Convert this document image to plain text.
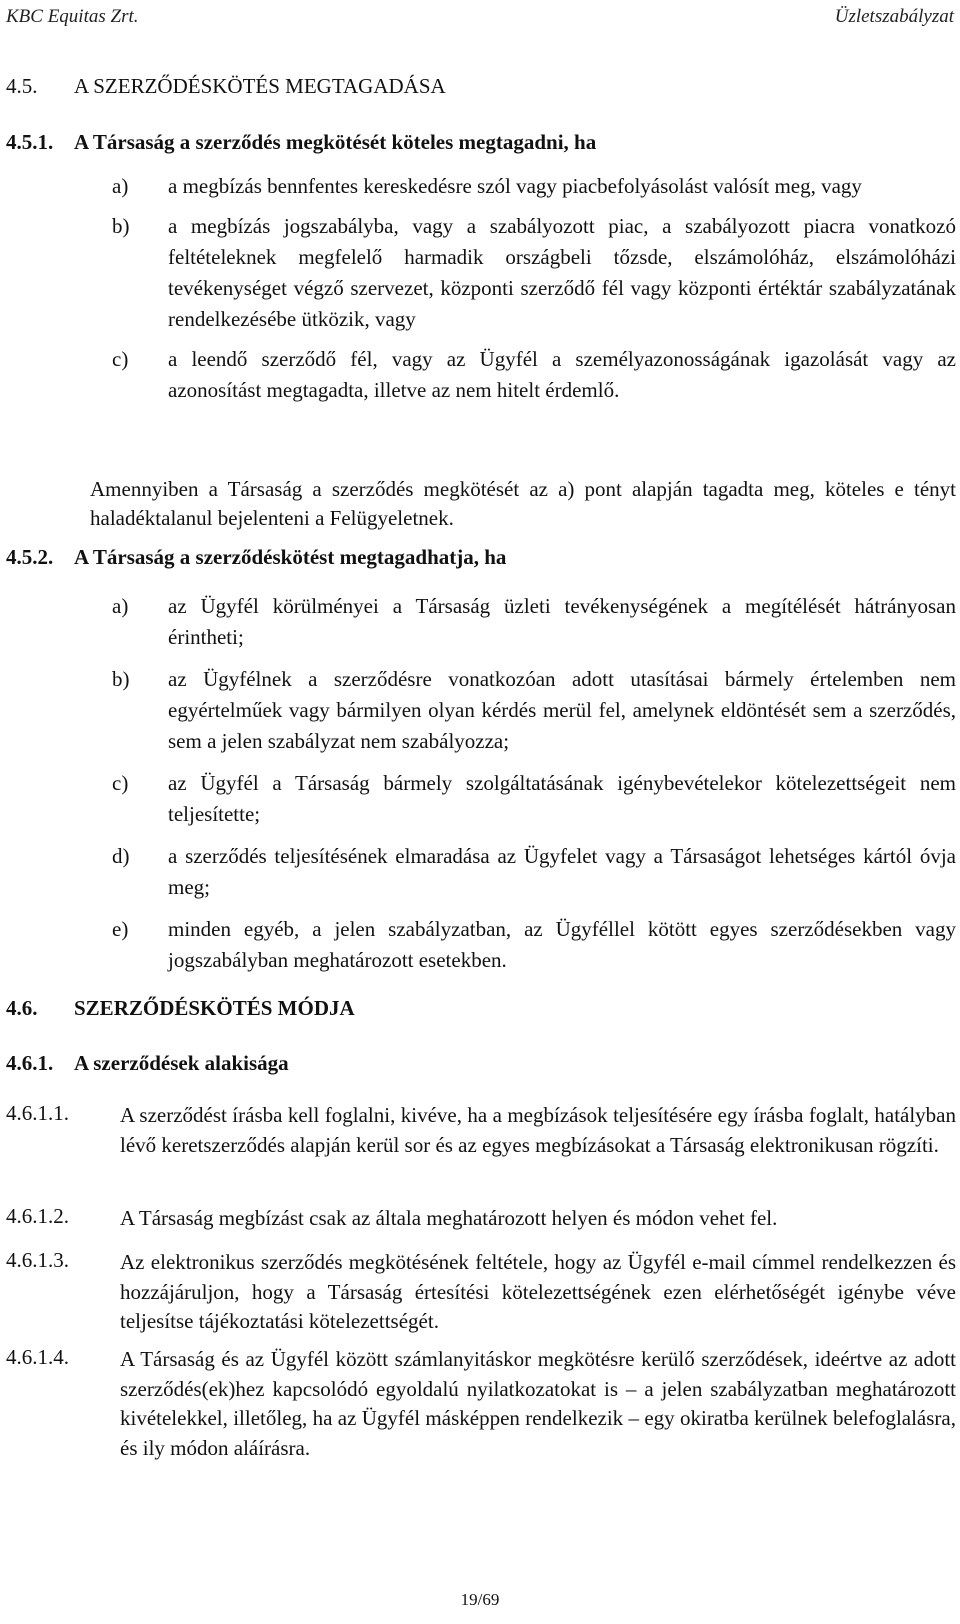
KBC Equitas Zrt.	Üzletszabályzat
4.5. A SZERZŐDÉSKÖTÉS MEGTAGADÁSA
4.5.1. A Társaság a szerződés megkötését köteles megtagadni, ha
a) a megbízás bennfentes kereskedésre szól vagy piacbefolyásolást valósít meg, vagy
b) a megbízás jogszabályba, vagy a szabályozott piac, a szabályozott piacra vonatkozó feltételeknek megfelelő harmadik országbeli tőzsde, elszámolóház, elszámolóházi tevékenységet végző szervezet, központi szerződő fél vagy központi értéktár szabályzatának rendelkezésébe ütközik, vagy
c) a leendő szerződő fél, vagy az Ügyfél a személyazonosságának igazolását vagy az azonosítást megtagadta, illetve az nem hitelt érdemlő.
Amennyiben a Társaság a szerződés megkötését az a) pont alapján tagadta meg, köteles e tényt haladéktalanul bejelenteni a Felügyeletnek.
4.5.2. A Társaság a szerződéskötést megtagadhatja, ha
a) az Ügyfél körülményei a Társaság üzleti tevékenységének a megítélését hátrányosan érintheti;
b) az Ügyfélnek a szerződésre vonatkozóan adott utasításai bármely értelemben nem egyértelműek vagy bármilyen olyan kérdés merül fel, amelynek eldöntését sem a szerződés, sem a jelen szabályzat nem szabályozza;
c) az Ügyfél a Társaság bármely szolgáltatásának igénybevételekor kötelezettségeit nem teljesítette;
d) a szerződés teljesítésének elmaradása az Ügyfelet vagy a Társaságot lehetséges kártól óvja meg;
e) minden egyéb, a jelen szabályzatban, az Ügyféllel kötött egyes szerződésekben vagy jogszabályban meghatározott esetekben.
4.6. SZERZŐDÉSKÖTÉS MÓDJA
4.6.1. A szerződések alakisága
4.6.1.1. A szerződést írásba kell foglalni, kivéve, ha a megbízások teljesítésére egy írásba foglalt, hatályban lévő keretszerződés alapján kerül sor és az egyes megbízásokat a Társaság elektronikusan rögzíti.
4.6.1.2. A Társaság megbízást csak az általa meghatározott helyen és módon vehet fel.
4.6.1.3. Az elektronikus szerződés megkötésének feltétele, hogy az Ügyfél e-mail címmel rendelkezzen és hozzájáruljon, hogy a Társaság értesítési kötelezettségének ezen elérhetőségét igénybe véve teljesítse tájékoztatási kötelezettségét.
4.6.1.4. A Társaság és az Ügyfél között számlanyitáskor megkötésre kerülő szerződések, ideértve az adott szerződés(ek)hez kapcsolódó egyoldalú nyilatkozatokat is – a jelen szabályzatban meghatározott kivételekkel, illetőleg, ha az Ügyfél másképpen rendelkezik – egy okiratba kerülnek belefoglalásra, és ily módon aláírásra.
19/69
